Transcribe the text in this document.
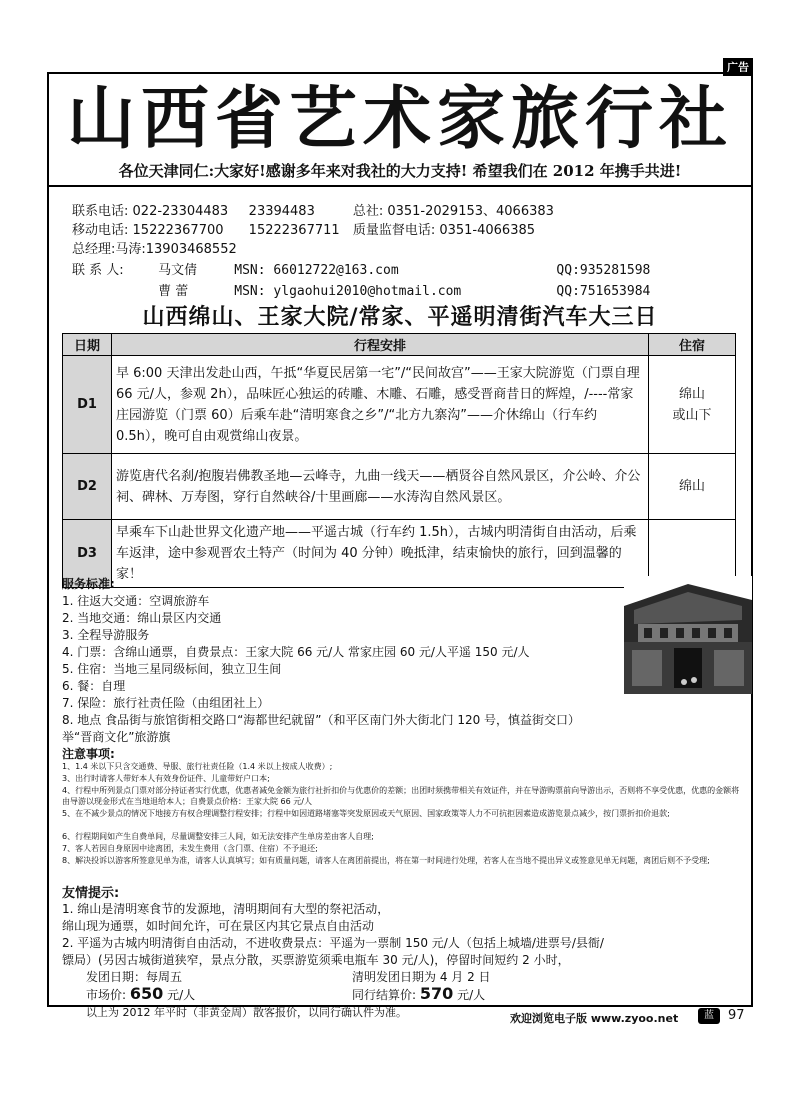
广告
山西省艺术家旅行社
各位天津同仁:大家好!感谢多年来对我社的大力支持! 希望我们在 2012 年携手共进!
联系电话: 022-23304483 23394483	总社: 0351-2029153、4066383
移动电话: 15222367700 15222367711 质量监督电话: 0351-4066385
总经理:马涛:13903468552
联 系 人:	马文倩	MSN: 66012722@163.com	QQ:935281598
曹 蕾	MSN: ylgaohui2010@hotmail.com	QQ:751653984
山西绵山、王家大院/常家、平遥明清街汽车大三日
日期	行程安排	住宿
D1	早 6:00 天津出发赴山西，午抵“华夏民居第一宅”/“民间故宫”——王家大院游览（门票自理 66 元/人，参观 2h），品味匠心独运的砖雕、木雕、石雕，感受晋商昔日的辉煌，/----常家庄园游览（门票 60）后乘车赴“清明寒食之乡”/“北方九寨沟”——介休绵山（行车约 0.5h），晚可自由观赏绵山夜景。	绵山
或山下
D2	游览唐代名刹/抱腹岩佛教圣地—云峰寺，九曲一线天——栖贤谷自然风景区，介公岭、介公祠、碑林、万寿图，穿行自然峡谷/十里画廊——水涛沟自然风景区。	绵山
D3	早乘车下山赴世界文化遗产地——平遥古城（行车约 1.5h），古城内明清街自由活动，后乘车返津，途中参观晋农土特产（时间为 40 分钟）晚抵津，结束愉快的旅行，回到温馨的家！	
服务标准:
1. 往返大交通：空调旅游车
2. 当地交通：绵山景区内交通
3. 全程导游服务
4. 门票：含绵山通票，自费景点：王家大院 66 元/人 常家庄园 60 元/人平遥 150 元/人
5. 住宿：当地三星同级标间，独立卫生间
6. 餐：自理
7. 保险：旅行社责任险（由组团社上）
8. 地点 食品街与旅馆街相交路口“海都世纪就留”（和平区南门外大街北门 120 号，慎益街交口）
举“晋商文化”旅游旗
注意事项:
1、1.4 米以下只含交通费、导服、旅行社责任险（1.4 米以上按成人收费）;
3、出行时请客人带好本人有效身份证件、儿童带好户口本;
4、行程中所列景点门票对部分持证者实行优惠，优惠者减免金额为旅行社折扣价与优惠价的差额；出团时须携带相关有效证件，并在导游购票前向导游出示，否则将不享受优惠，优惠的金额将由导游以现金形式在当地退给本人；自费景点价格：王家大院 66 元/人
5、在不减少景点的情况下地接方有权合理调整行程安排；行程中如因道路堵塞等突发原因或天气原因、国家政策等人力不可抗拒因素造成游览景点减少，按门票折扣价退款;
6、行程期间如产生自费单间，尽量调整安排三人间，如无法安排产生单房差由客人自理;
7、客人若因自身原因中途离团，未发生费用（含门票、住宿）不予退还;
8、解决投诉以游客所签意见单为准，请客人认真填写；如有质量问题，请客人在离团前提出，将在第一时间进行处理，若客人在当地不提出异义或签意见单无问题，离团后则不予受理;
友情提示:
1. 绵山是清明寒食节的发源地，清明期间有大型的祭祀活动，
绵山现为通票，如时间允许，可在景区内其它景点自由活动
2. 平遥为古城内明清街自由活动，不进收费景点：平遥为一票制 150 元/人（包括上城墙/进票号/县衙/
镖局）(另因古城街道狭窄，景点分散，买票游览须乘电瓶车 30 元/人)，停留时间短约 2 小时，
发团日期：每周五	清明发团日期为 4 月 2 日
市场价: 650 元/人	同行结算价: 570 元/人
以上为 2012 年平时（非黄金周）散客报价，以同行确认件为准。	欢迎浏览电子版 www.zyoo.net	蓝	97
